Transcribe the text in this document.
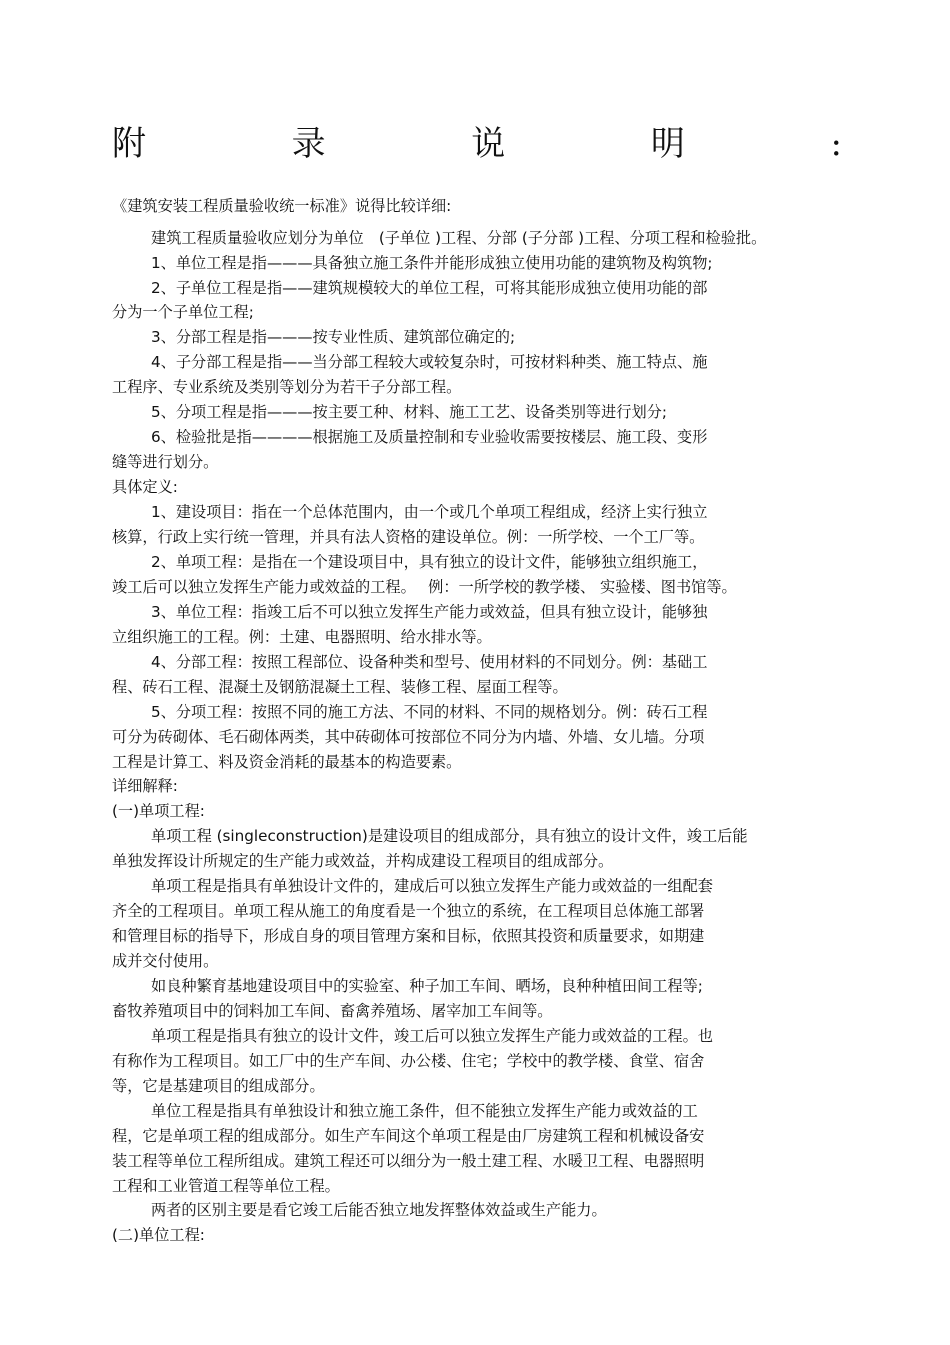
附	录	说	明	:
《建筑安装工程质量验收统一标准》说得比较详细:
建筑工程质量验收应划分为单位　(子单位 )工程、分部 (子分部 )工程、分项工程和检验批。
1、单位工程是指———具备独立施工条件并能形成独立使用功能的建筑物及构筑物;
2、子单位工程是指——建筑规模较大的单位工程，可将其能形成独立使用功能的部
分为一个子单位工程;
3、分部工程是指———按专业性质、建筑部位确定的;
4、子分部工程是指——当分部工程较大或较复杂时，可按材料种类、施工特点、施
工程序、专业系统及类别等划分为若干子分部工程。
5、分项工程是指———按主要工种、材料、施工工艺、设备类别等进行划分;
6、检验批是指————根据施工及质量控制和专业验收需要按楼层、施工段、变形
缝等进行划分。
具体定义:
1、建设项目：指在一个总体范围内，由一个或几个单项工程组成，经济上实行独立
核算，行政上实行统一管理，并具有法人资格的建设单位。例：一所学校、一个工厂等。
2、单项工程：是指在一个建设项目中，具有独立的设计文件，能够独立组织施工，
竣工后可以独立发挥生产能力或效益的工程。　 例：一所学校的教学楼、 实验楼、图书馆等。
3、单位工程：指竣工后不可以独立发挥生产能力或效益，但具有独立设计，能够独
立组织施工的工程。例：土建、电器照明、给水排水等。
4、分部工程：按照工程部位、设备种类和型号、使用材料的不同划分。例：基础工
程、砖石工程、混凝土及钢筋混凝土工程、装修工程、屋面工程等。
5、分项工程：按照不同的施工方法、不同的材料、不同的规格划分。例：砖石工程
可分为砖砌体、毛石砌体两类，其中砖砌体可按部位不同分为内墙、外墙、女儿墙。分项
工程是计算工、料及资金消耗的最基本的构造要素。
详细解释:
(一)单项工程:
单项工程 (singleconstruction)是建设项目的组成部分，具有独立的设计文件，竣工后能
单独发挥设计所规定的生产能力或效益，并构成建设工程项目的组成部分。
单项工程是指具有单独设计文件的，建成后可以独立发挥生产能力或效益的一组配套
齐全的工程项目。单项工程从施工的角度看是一个独立的系统，在工程项目总体施工部署
和管理目标的指导下，形成自身的项目管理方案和目标，依照其投资和质量要求，如期建
成并交付使用。
如良种繁育基地建设项目中的实验室、种子加工车间、晒场，良种种植田间工程等;
畜牧养殖项目中的饲料加工车间、畜禽养殖场、屠宰加工车间等。
单项工程是指具有独立的设计文件，竣工后可以独立发挥生产能力或效益的工程。也
有称作为工程项目。如工厂中的生产车间、办公楼、住宅；学校中的教学楼、食堂、宿舍
等，它是基建项目的组成部分。
单位工程是指具有单独设计和独立施工条件，但不能独立发挥生产能力或效益的工
程，它是单项工程的组成部分。如生产车间这个单项工程是由厂房建筑工程和机械设备安
装工程等单位工程所组成。建筑工程还可以细分为一般土建工程、水暖卫工程、电器照明
工程和工业管道工程等单位工程。
两者的区别主要是看它竣工后能否独立地发挥整体效益或生产能力。
(二)单位工程:
